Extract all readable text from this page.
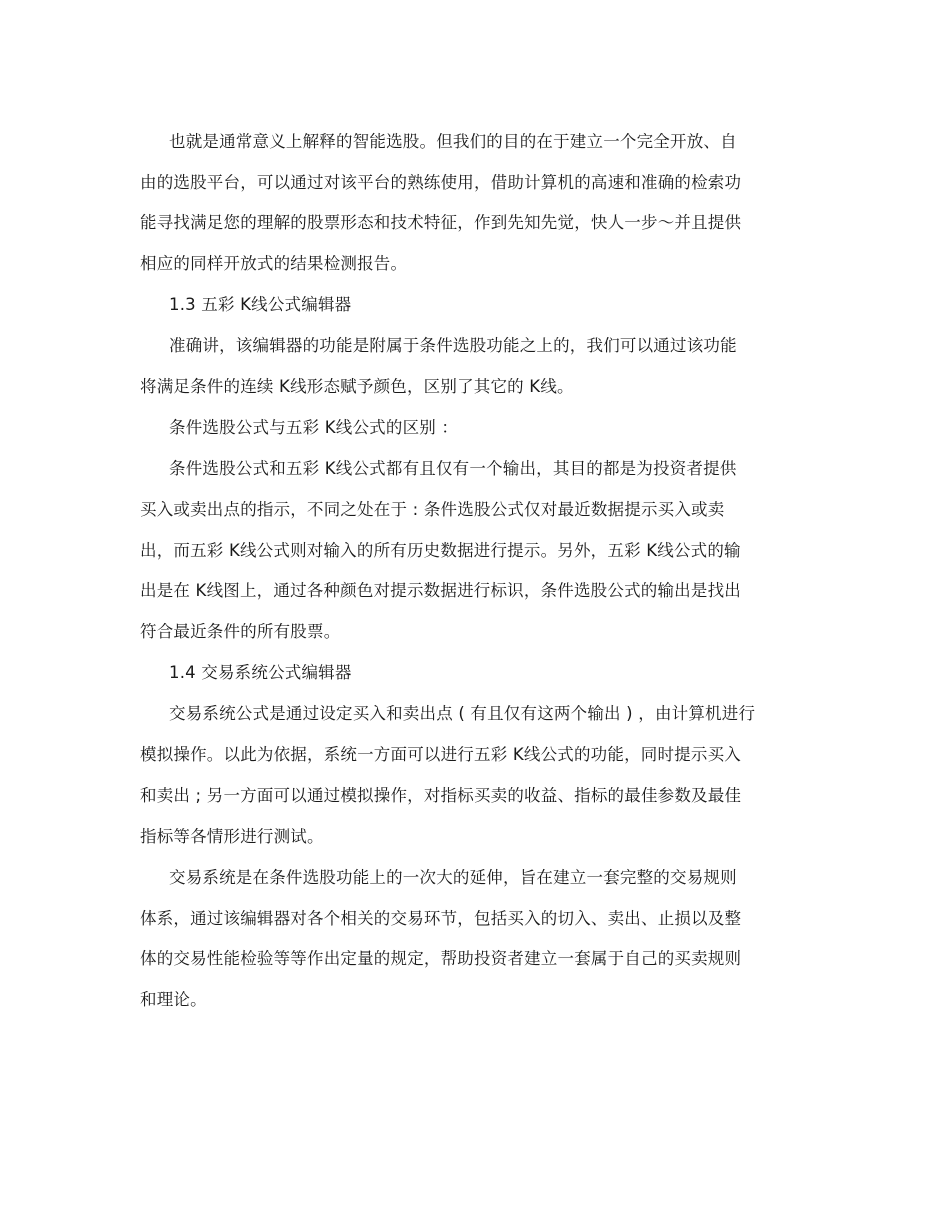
也就是通常意义上解释的智能选股。但我们的目的在于建立一个完全开放、自
由的选股平台，可以通过对该平台的熟练使用，借助计算机的高速和准确的检索功
能寻找满足您的理解的股票形态和技术特征，作到先知先觉，快人一步～并且提供
相应的同样开放式的结果检测报告。
1.3 五彩 K线公式编辑器
准确讲，该编辑器的功能是附属于条件选股功能之上的，我们可以通过该功能
将满足条件的连续 K线形态赋予颜色，区别了其它的 K线。
条件选股公式与五彩 K线公式的区别 ：
条件选股公式和五彩 K线公式都有且仅有一个输出，其目的都是为投资者提供
买入或卖出点的指示，不同之处在于 : 条件选股公式仅对最近数据提示买入或卖
出，而五彩 K线公式则对输入的所有历史数据进行提示。另外，五彩 K线公式的输
出是在 K线图上，通过各种颜色对提示数据进行标识，条件选股公式的输出是找出
符合最近条件的所有股票。
1.4 交易系统公式编辑器
交易系统公式是通过设定买入和卖出点 ( 有且仅有这两个输出 ) ，由计算机进行
模拟操作。以此为依据，系统一方面可以进行五彩 K线公式的功能，同时提示买入
和卖出 ; 另一方面可以通过模拟操作，对指标买卖的收益、指标的最佳参数及最佳
指标等各情形进行测试。
交易系统是在条件选股功能上的一次大的延伸，旨在建立一套完整的交易规则
体系，通过该编辑器对各个相关的交易环节，包括买入的切入、卖出、止损以及整
体的交易性能检验等等作出定量的规定，帮助投资者建立一套属于自己的买卖规则
和理论。
